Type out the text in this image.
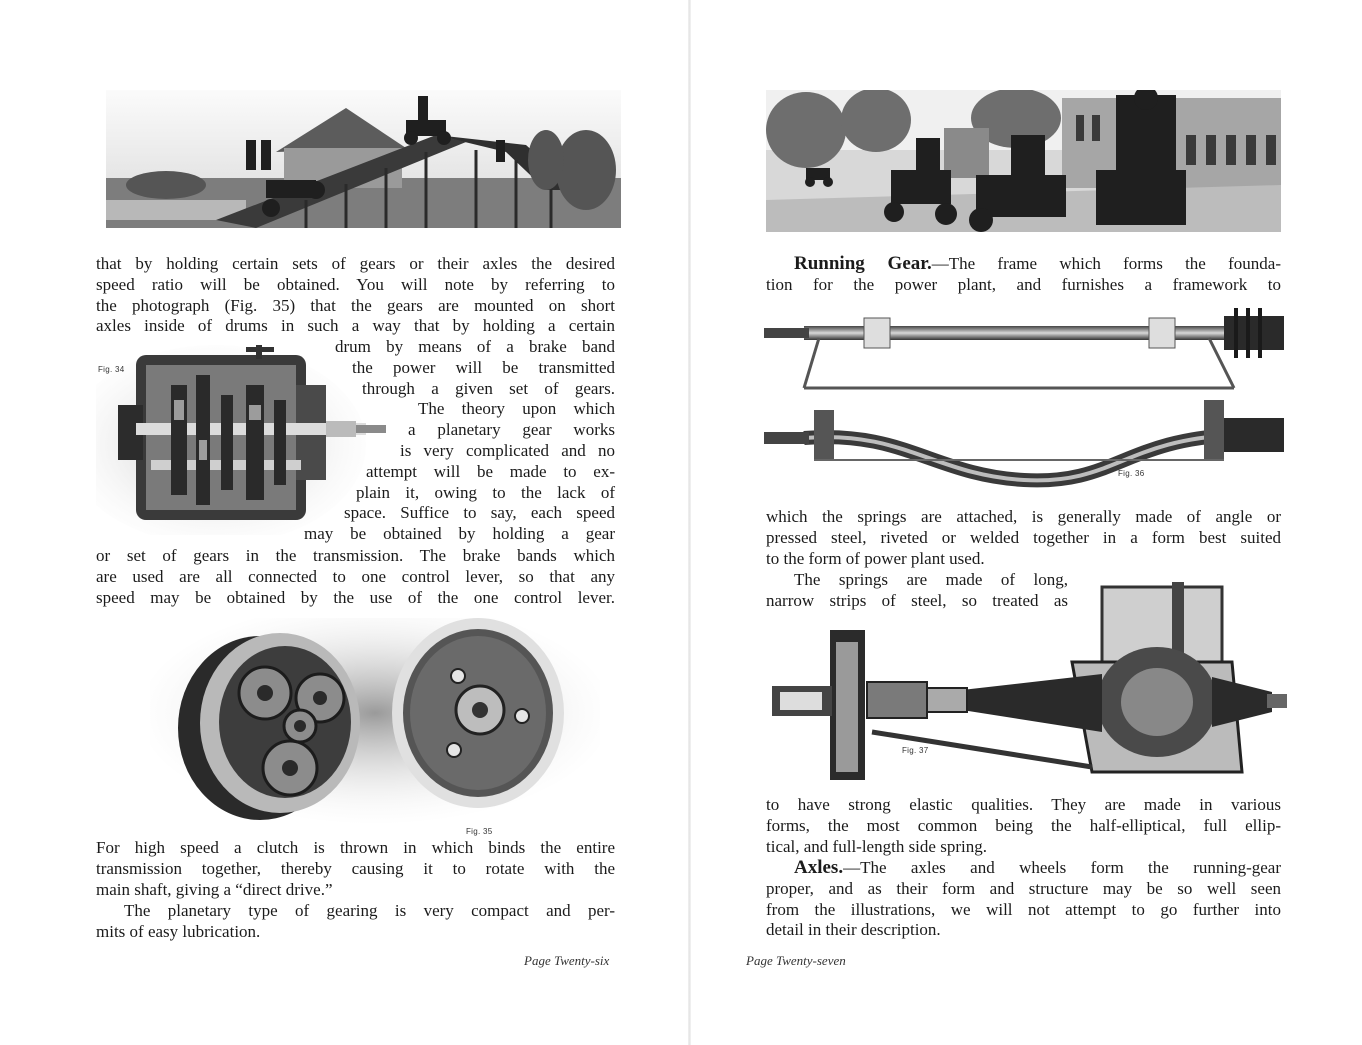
that by holding certain sets of gears or their axles the desired
speed ratio will be obtained. You will note by referring to
the photograph (Fig. 35) that the gears are mounted on short
axles inside of drums in such a way that by holding a certain
Fig. 34
drum by means of a brake band
the power will be transmitted
through a given set of gears.
The theory upon which
a planetary gear works
is very complicated and no
attempt will be made to ex-
plain it, owing to the lack of
space. Suffice to say, each speed
may be obtained by holding a gear
or set of gears in the transmission. The brake bands which
are used are all connected to one control lever, so that any
speed may be obtained by the use of the one control lever.
Fig. 35
For high speed a clutch is thrown in which binds the entire
transmission together, thereby causing it to rotate with the
main shaft, giving a “direct drive.”
The planetary type of gearing is very compact and per-
mits of easy lubrication.
Page Twenty-six
Running Gear.—The frame which forms the founda-
tion for the power plant, and furnishes a framework to
Fig. 36
which the springs are attached, is generally made of angle or
pressed steel, riveted or welded together in a form best suited
to the form of power plant used.
The springs are made of long,
narrow strips of steel, so treated as
Fig. 37
to have strong elastic qualities. They are made in various
forms, the most common being the half-elliptical, full ellip-
tical, and full-length side spring.
Axles.—The axles and wheels form the running-gear
proper, and as their form and structure may be so well seen
from the illustrations, we will not attempt to go further into
detail in their description.
Page Twenty-seven
